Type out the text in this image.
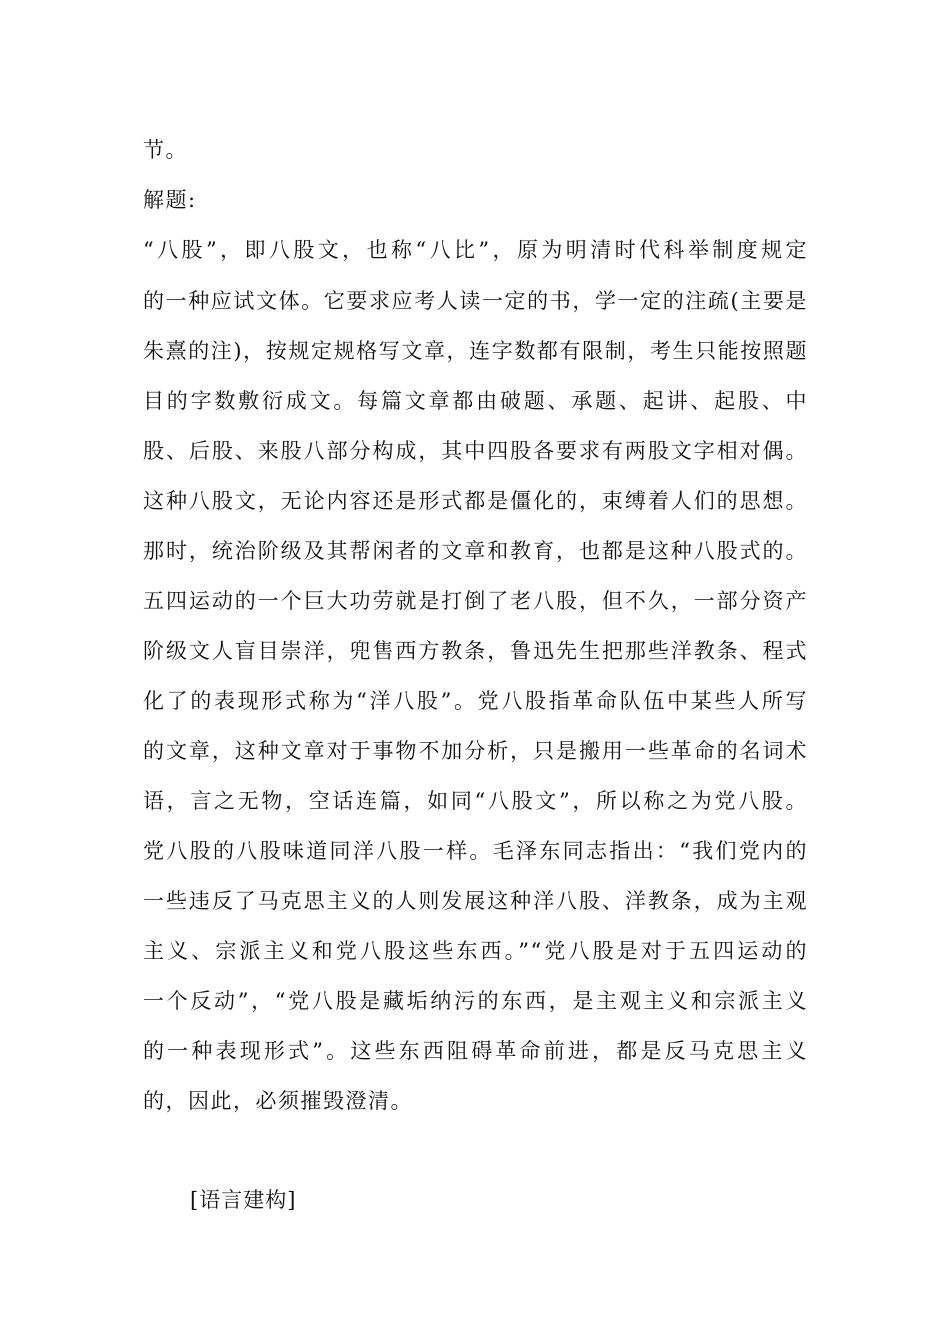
节。
解题:
“八股”，即八股文，也称“八比”，原为明清时代科举制度规定
的一种应试文体。它要求应考人读一定的书，学一定的注疏(主要是
朱熹的注)，按规定规格写文章，连字数都有限制，考生只能按照题
目的字数敷衍成文。每篇文章都由破题、承题、起讲、起股、中
股、后股、来股八部分构成，其中四股各要求有两股文字相对偶。
这种八股文，无论内容还是形式都是僵化的，束缚着人们的思想。
那时，统治阶级及其帮闲者的文章和教育，也都是这种八股式的。
五四运动的一个巨大功劳就是打倒了老八股，但不久，一部分资产
阶级文人盲目崇洋，兜售西方教条，鲁迅先生把那些洋教条、程式
化了的表现形式称为“洋八股”。党八股指革命队伍中某些人所写
的文章，这种文章对于事物不加分析，只是搬用一些革命的名词术
语，言之无物，空话连篇，如同“八股文”，所以称之为党八股。
党八股的八股味道同洋八股一样。毛泽东同志指出：“我们党内的
一些违反了马克思主义的人则发展这种洋八股、洋教条，成为主观
主义、宗派主义和党八股这些东西。”“党八股是对于五四运动的
一个反动”，“党八股是藏垢纳污的东西，是主观主义和宗派主义
的一种表现形式”。这些东西阻碍革命前进，都是反马克思主义
的，因此，必须摧毁澄清。
[语言建构]
